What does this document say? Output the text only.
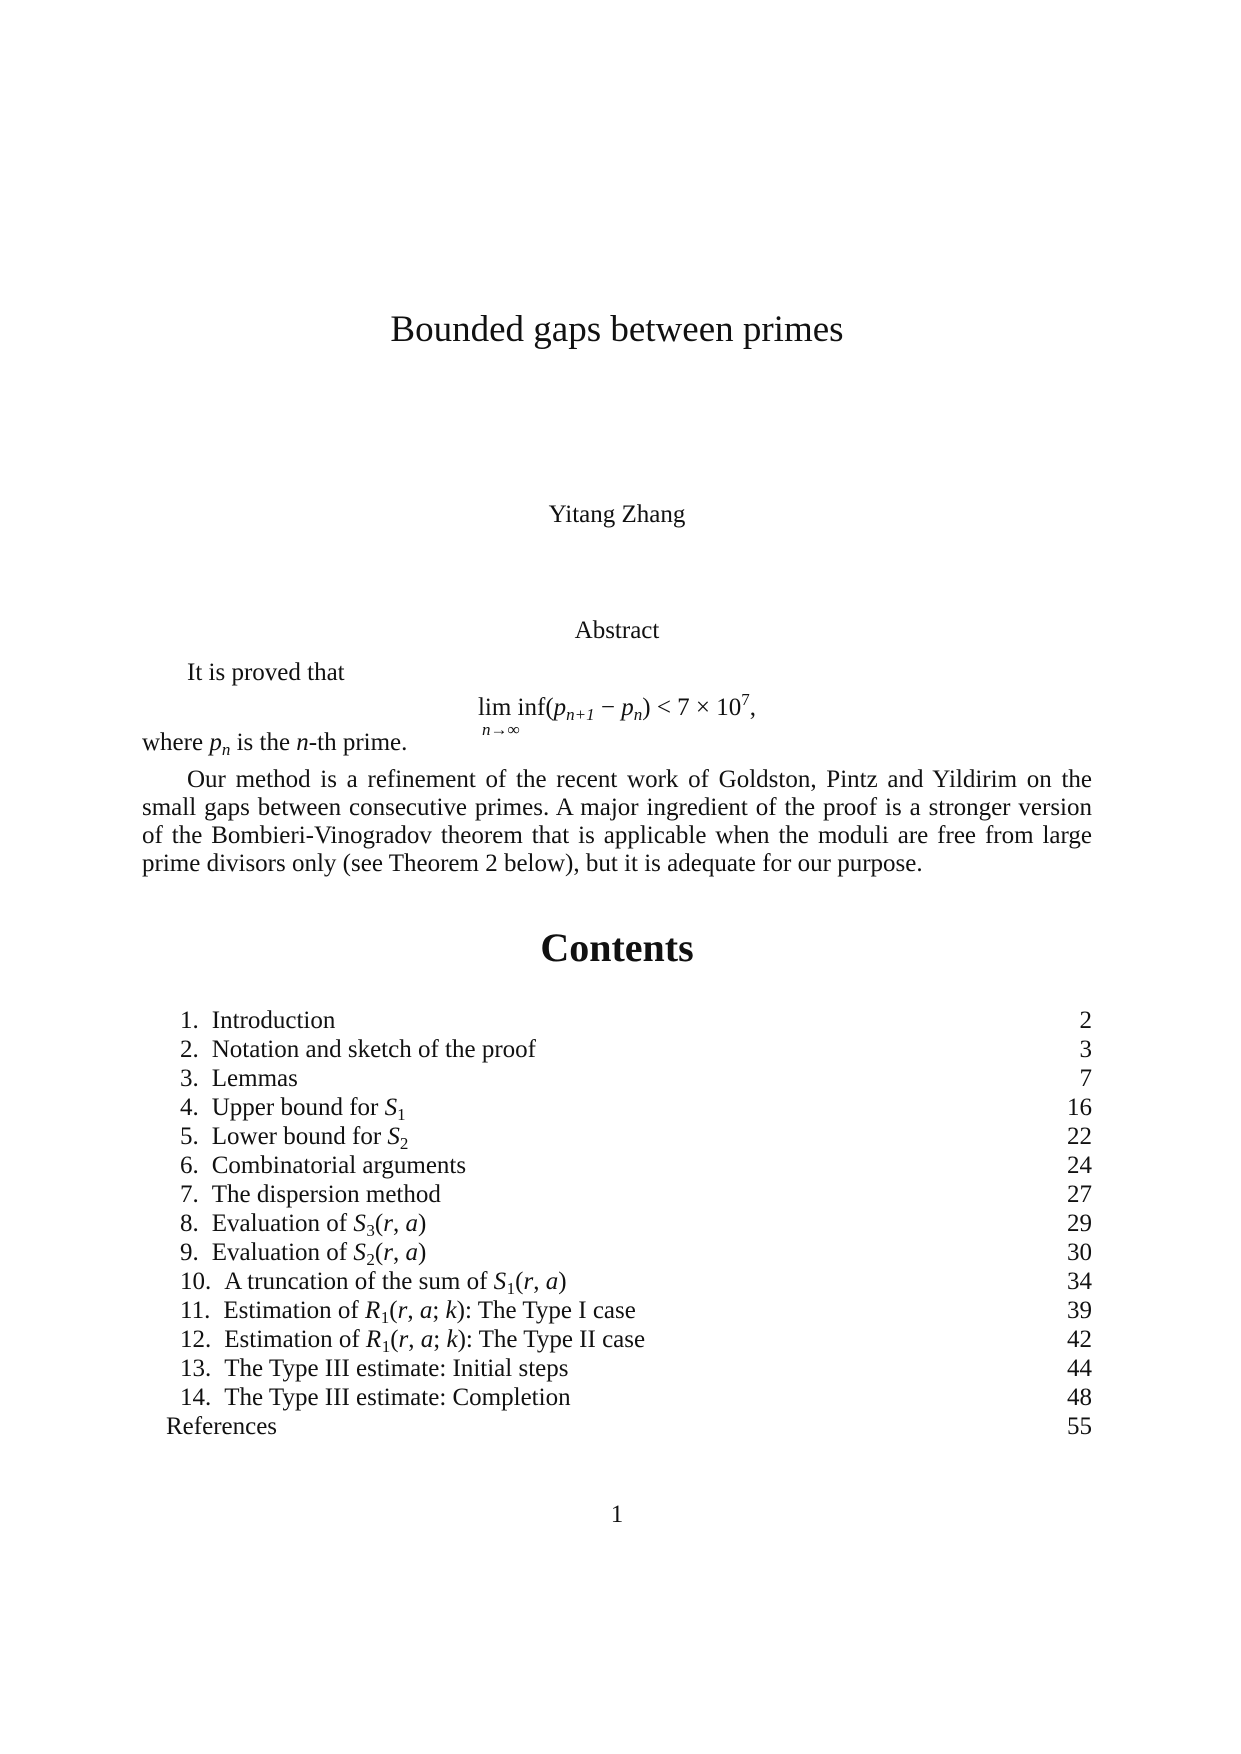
Bounded gaps between primes
Yitang Zhang
Abstract
It is proved that
lim inf
n→∞
$(p_{n+1} - p_n) < 7 \times 10^7$,
where $p_n$ is the n-th prime.
Our method is a refinement of the recent work of Goldston, Pintz and Yildirim on the small gaps between consecutive primes. A major ingredient of the proof is a stronger version of the Bombieri-Vinogradov theorem that is applicable when the moduli are free from large prime divisors only (see Theorem 2 below), but it is adequate for our purpose.
Contents
1. Introduction	2
2. Notation and sketch of the proof	3
3. Lemmas	7
4. Upper bound for $S_1$	16
5. Lower bound for $S_2$	22
6. Combinatorial arguments	24
7. The dispersion method	27
8. Evaluation of $S_3(r$, a)	29
9. Evaluation of $S_2(r$, a)	30
10. A truncation of the sum of $S_1(r$, a)	34
11. Estimation of $R_1(r$, a; k): The Type I case	39
12. Estimation of $R_1(r$, a; k): The Type II case	42
13. The Type III estimate: Initial steps	44
14. The Type III estimate: Completion	48
References	55
1
